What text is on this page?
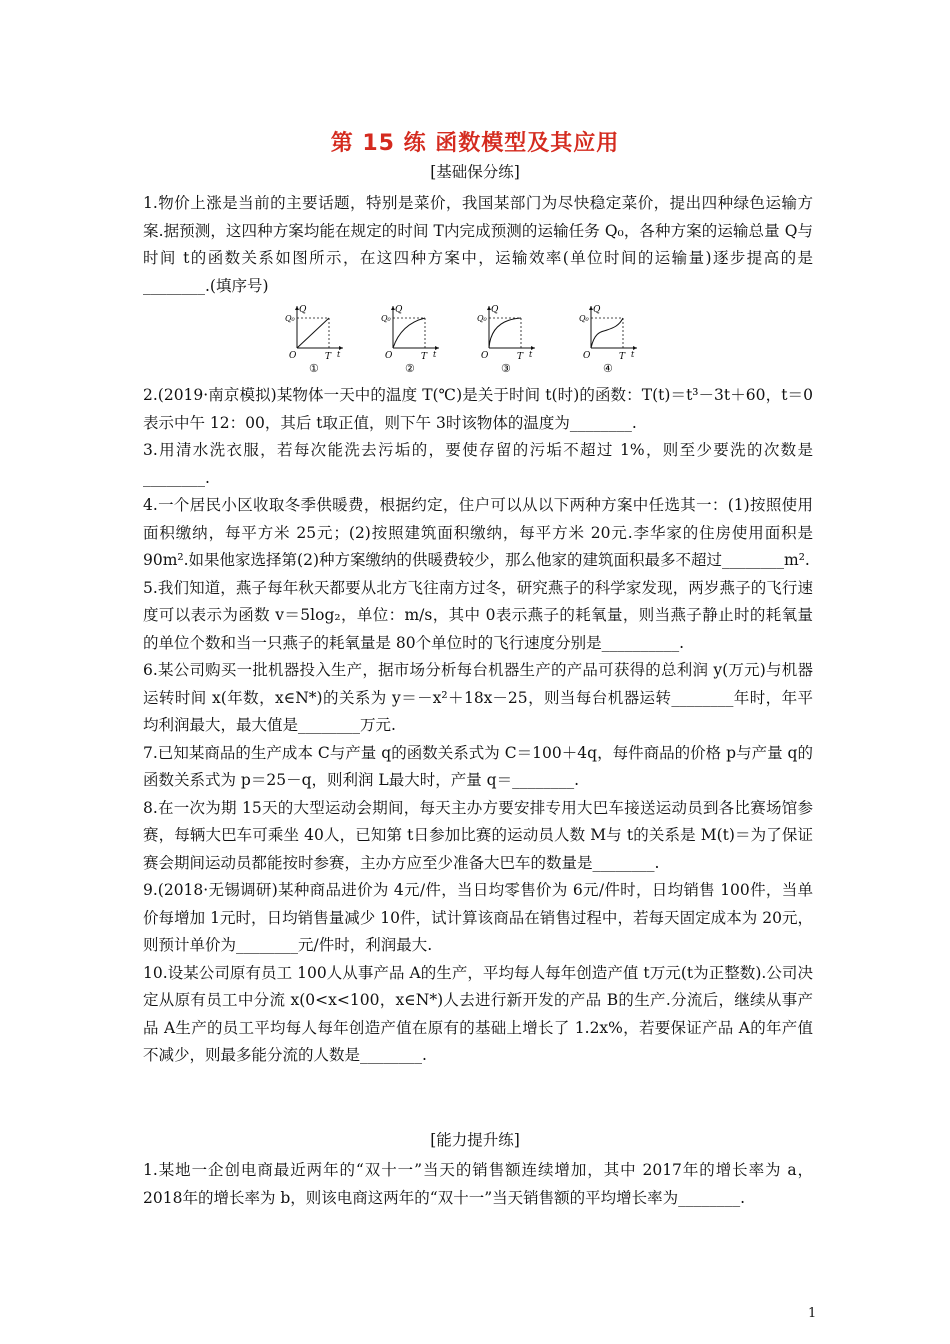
第 15 练 函数模型及其应用
[基础保分练]

1.物价上涨是当前的主要话题，特别是菜价，我国某部门为尽快稳定菜价，提出四种绿色运输方案.据预测，这四种方案均能在规定的时间 T内完成预测的运输任务 Q₀，各种方案的运输总量 Q与时间 t的函数关系如图所示，在这四种方案中，运输效率(单位时间的运输量)逐步提高的是________.(填序号)

Q
Q₀
O	T t
①
Q
Q₀
O	T t
②
Q
Q₀
O	T t
③
Q
Q₀
O	T t
④

2.(2019·南京模拟)某物体一天中的温度 T(℃)是关于时间 t(时)的函数：T(t)＝t³－3t＋60，t＝0表示中午 12：00，其后 t取正值，则下午 3时该物体的温度为________.

3.用清水洗衣服，若每次能洗去污垢的，要使存留的污垢不超过 1%，则至少要洗的次数是________.

4.一个居民小区收取冬季供暖费，根据约定，住户可以从以下两种方案中任选其一：(1)按照使用面积缴纳，每平方米 25元；(2)按照建筑面积缴纳，每平方米 20元.李华家的住房使用面积是 90m².如果他家选择第(2)种方案缴纳的供暖费较少，那么他家的建筑面积最多不超过________m².

5.我们知道，燕子每年秋天都要从北方飞往南方过冬，研究燕子的科学家发现，两岁燕子的飞行速度可以表示为函数 v＝5log₂，单位：m/s，其中 0表示燕子的耗氧量，则当燕子静止时的耗氧量的单位个数和当一只燕子的耗氧量是 80个单位时的飞行速度分别是__________.

6.某公司购买一批机器投入生产，据市场分析每台机器生产的产品可获得的总利润 y(万元)与机器运转时间 x(年数，x∈N*)的关系为 y＝－x²＋18x－25，则当每台机器运转________年时，年平均利润最大，最大值是________万元.

7.已知某商品的生产成本 C与产量 q的函数关系式为 C＝100＋4q，每件商品的价格 p与产量 q的函数关系式为 p＝25－q，则利润 L最大时，产量 q＝________.

8.在一次为期 15天的大型运动会期间，每天主办方要安排专用大巴车接送运动员到各比赛场馆参赛，每辆大巴车可乘坐 40人，已知第 t日参加比赛的运动员人数 M与 t的关系是 M(t)＝为了保证赛会期间运动员都能按时参赛，主办方应至少准备大巴车的数量是________.

9.(2018·无锡调研)某种商品进价为 4元/件，当日均零售价为 6元/件时，日均销售 100件，当单价每增加 1元时，日均销售量减少 10件，试计算该商品在销售过程中，若每天固定成本为 20元，则预计单价为________元/件时，利润最大.

10.设某公司原有员工 100人从事产品 A的生产，平均每人每年创造产值 t万元(t为正整数).公司决定从原有员工中分流 x(0<x<100，x∈N*)人去进行新开发的产品 B的生产.分流后，继续从事产品 A生产的员工平均每人每年创造产值在原有的基础上增长了 1.2x%，若要保证产品 A的年产值不减少，则最多能分流的人数是________.

[能力提升练]

1.某地一企创电商最近两年的“双十一”当天的销售额连续增加，其中 2017年的增长率为 a，2018年的增长率为 b，则该电商这两年的“双十一”当天销售额的平均增长率为________.

1
